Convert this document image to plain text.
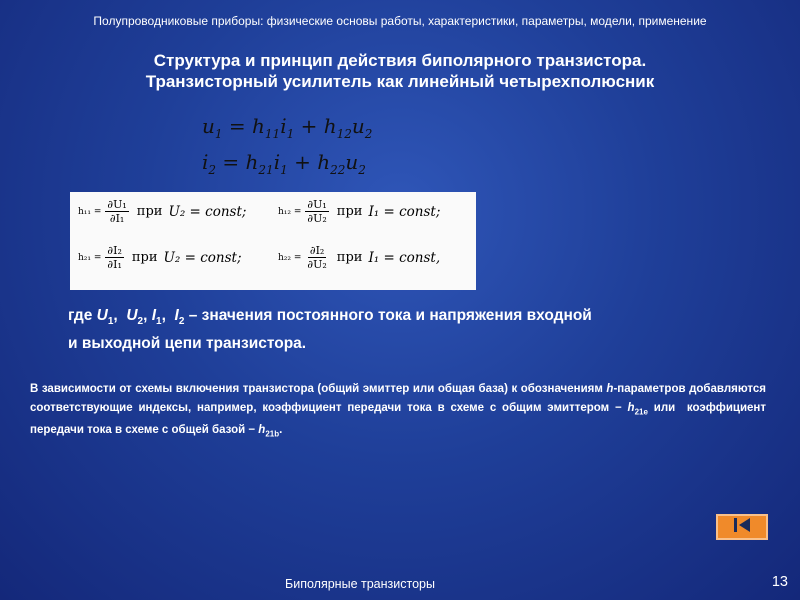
Полупроводниковые приборы: физические основы работы, характеристики, параметры, модели, применение
Структура и принцип действия биполярного транзистора.
Транзисторный усилитель как линейный четырехполюсник
$u_1 = h_{11}i_1 + h_{12}u_2$
$i_2 = h_{21}i_1 + h_{22}u_2$
$h_{11} = \frac{\text{∂U₁}}{\text{∂I₁}}$ при U₂ = const;	$h_{12} = \frac{\text{∂U₁}}{\text{∂U₂}}$ при I₁ = const;
$h_{21} = \frac{\text{∂I₂}}{\text{∂I₁}}$ при U₂ = const;	$h_{22} = \frac{\text{∂I₂}}{\text{∂U₂}}$ при I₁ = const,
где $U_1$,  $U_2$, $I_1$,  $I_2$ – значения постоянного тока и напряжения входной
и выходной цепи транзистора.
В зависимости от схемы включения транзистора (общий эмиттер или общая база) к обозначениям h-параметров добавляются соответствующие индексы, например, коэффициент передачи тока в схеме с общим эмиттером − $h_{21e}$ или  коэффициент передачи тока в схеме с общей базой − $h_{21b}$.
Биполярные транзисторы	13
